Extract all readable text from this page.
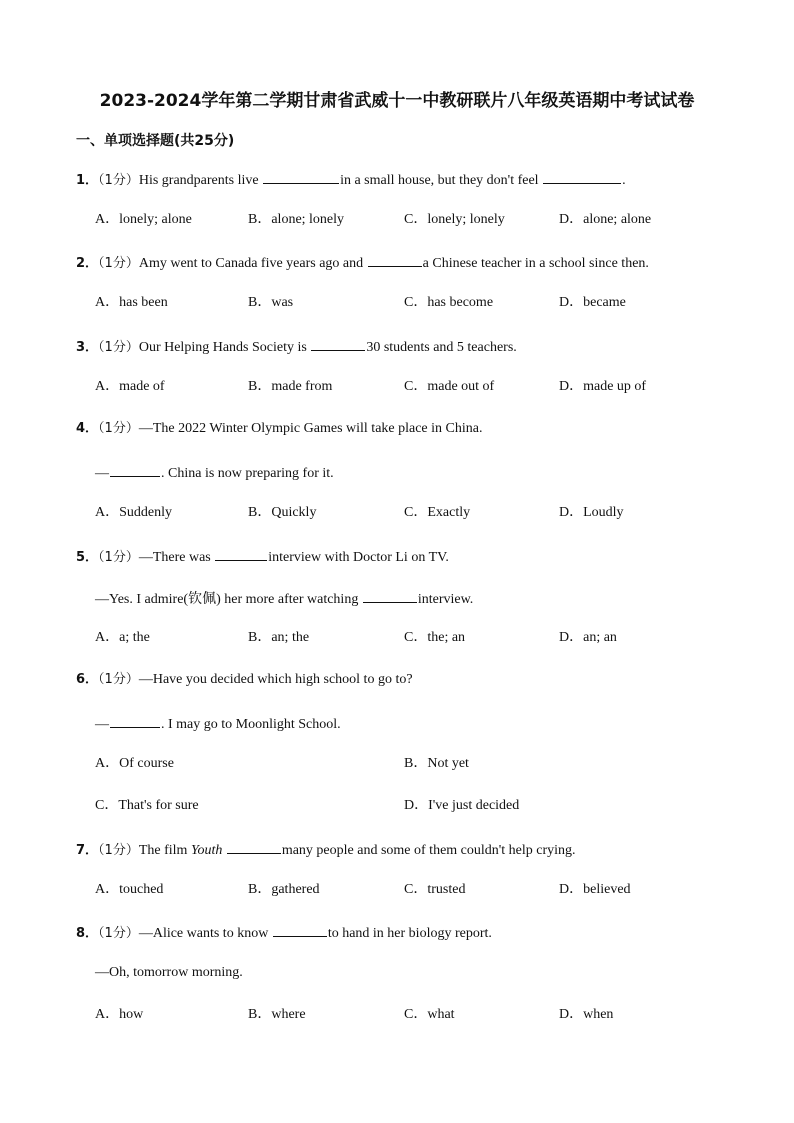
2023-2024学年第二学期甘肃省武威十一中教研联片八年级英语期中考试试卷
一、单项选择题(共25分)
1．（1分）His grandparents live	in a small house, but they don't feel	.
A．lonely; alone	B．alone; lonely	C．lonely; lonely	D．alone; alone
2．（1分）Amy went to Canada five years ago and	a Chinese teacher in a school since then.
A．has been	B．was	C．has become	D．became
3．（1分）Our Helping Hands Society is	30 students and 5 teachers.
A．made of	B．made from	C．made out of	D．made up of
4．（1分）—The 2022 Winter Olympic Games will take place in China.
—	. China is now preparing for it.
A．Suddenly	B．Quickly	C．Exactly	D．Loudly
5．（1分）—There was	interview with Doctor Li on TV.
—Yes. I admire(钦佩) her more after watching	interview.
A．a; the	B．an; the	C．the; an	D．an; an
6．（1分）—Have you decided which high school to go to?
—	. I may go to Moonlight School.
A．Of course	B．Not yet
C．That's for sure	D．I've just decided
7．（1分）The film Youth	many people and some of them couldn't help crying.
A．touched	B．gathered	C．trusted	D．believed
8．（1分）—Alice wants to know	to hand in her biology report.
—Oh, tomorrow morning.
A．how	B．where	C．what	D．when
